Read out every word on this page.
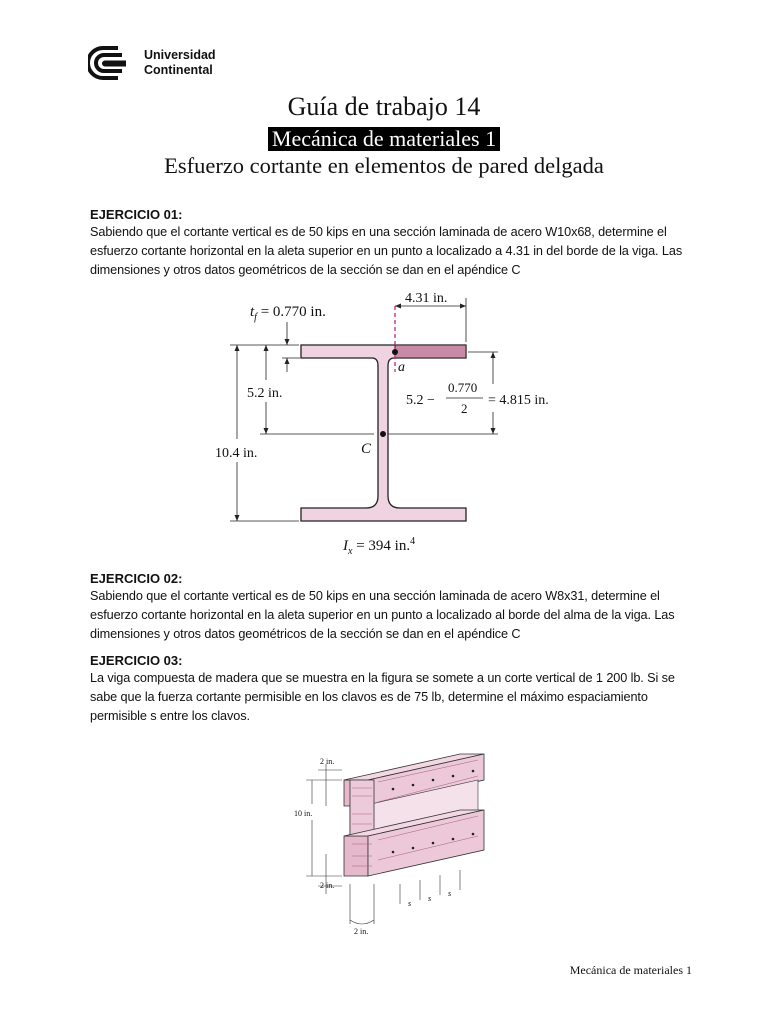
Universidad
Continental
Guía de trabajo 14
Mecánica de materiales 1
Esfuerzo cortante en elementos de pared delgada
EJERCICIO 01:
Sabiendo que el cortante vertical es de 50 kips en una sección laminada de acero W10x68, determine el esfuerzo cortante horizontal en la aleta superior en un punto a localizado a 4.31 in del borde de la viga. Las dimensiones y otros datos geométricos de la sección se dan en el apéndice C
4.31 in.
$t_f = 0.770$ in.
a
5.2 in.
10.4 in.	C
5.2 −
0.770
2
= 4.815 in.
$I_x = 394$ in.$^4$
EJERCICIO 02:
Sabiendo que el cortante vertical es de 50 kips en una sección laminada de acero W8x31, determine el esfuerzo cortante horizontal en la aleta superior en un punto a localizado al borde del alma de la viga. Las dimensiones y otros datos geométricos de la sección se dan en el apéndice C
EJERCICIO 03:
La viga compuesta de madera que se muestra en la figura se somete a un corte vertical de 1 200 lb. Si se sabe que la fuerza cortante permisible en los clavos es de 75 lb, determine el máximo espaciamiento permisible s entre los clavos.
2 in.
10 in.
2 in.
2 in.
s
s
s
Mecánica de materiales 1
